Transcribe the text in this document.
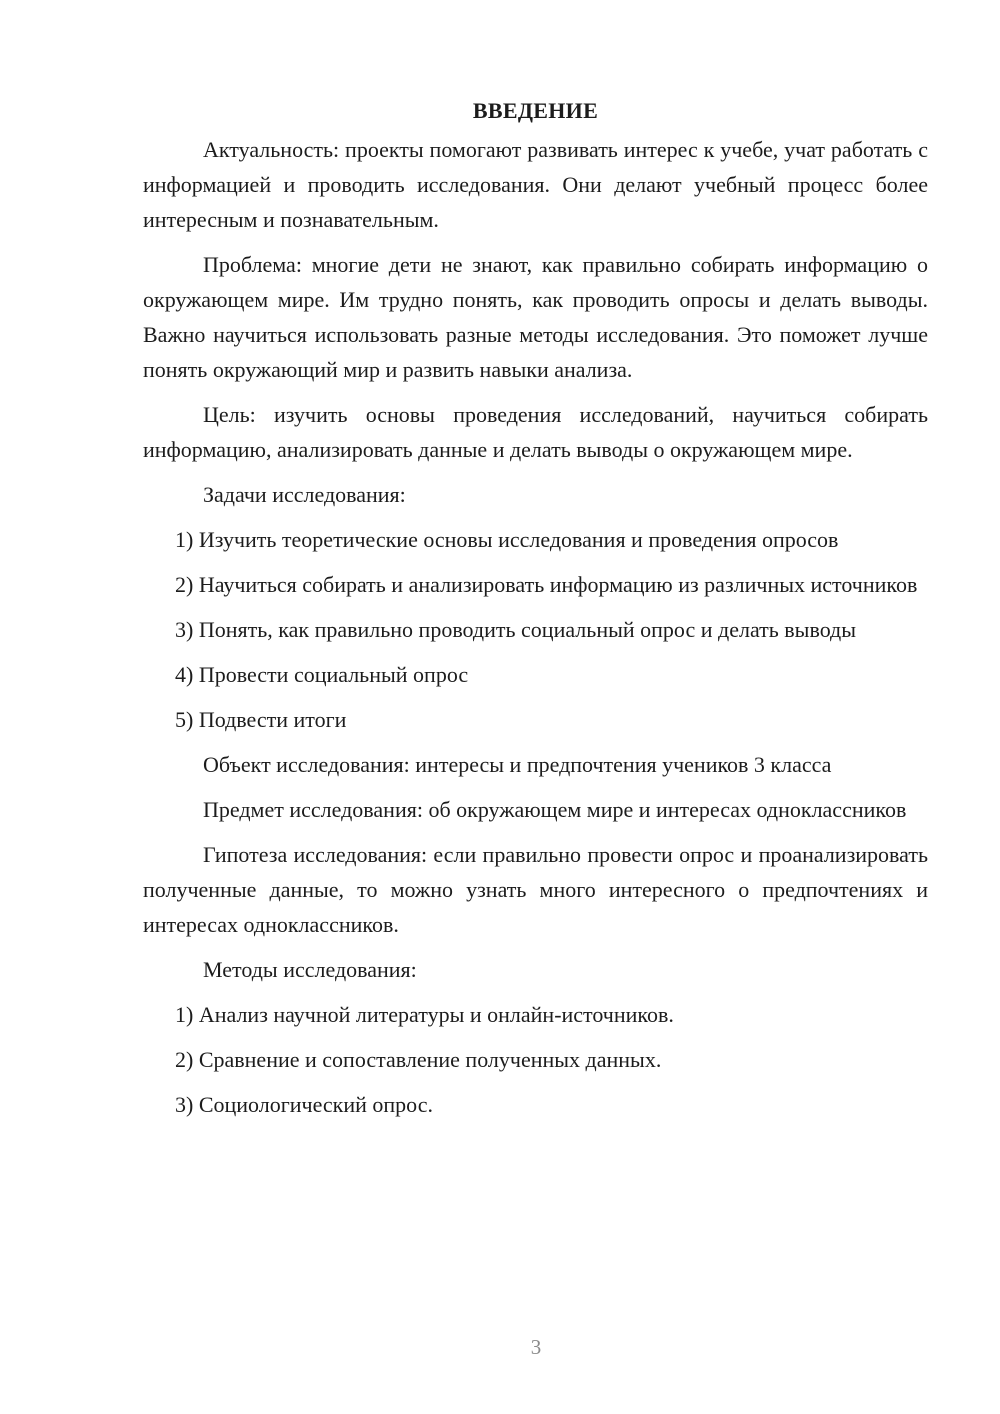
ВВЕДЕНИЕ

Актуальность: проекты помогают развивать интерес к учебе, учат работать с информацией и проводить исследования. Они делают учебный процесс более интересным и познавательным.

Проблема: многие дети не знают, как правильно собирать информацию о окружающем мире. Им трудно понять, как проводить опросы и делать выводы. Важно научиться использовать разные методы исследования. Это поможет лучше понять окружающий мир и развить навыки анализа.

Цель: изучить основы проведения исследований, научиться собирать информацию, анализировать данные и делать выводы о окружающем мире.

Задачи исследования:

1) Изучить теоретические основы исследования и проведения опросов

2) Научиться собирать и анализировать информацию из различных источников

3) Понять, как правильно проводить социальный опрос и делать выводы

4) Провести социальный опрос

5) Подвести итоги

Объект исследования: интересы и предпочтения учеников 3 класса

Предмет исследования: об окружающем мире и интересах одноклассников

Гипотеза исследования: если правильно провести опрос и проанализировать полученные данные, то можно узнать много интересного о предпочтениях и интересах одноклассников.

Методы исследования:

1) Анализ научной литературы и онлайн-источников.

2) Сравнение и сопоставление полученных данных.

3) Социологический опрос.

3
